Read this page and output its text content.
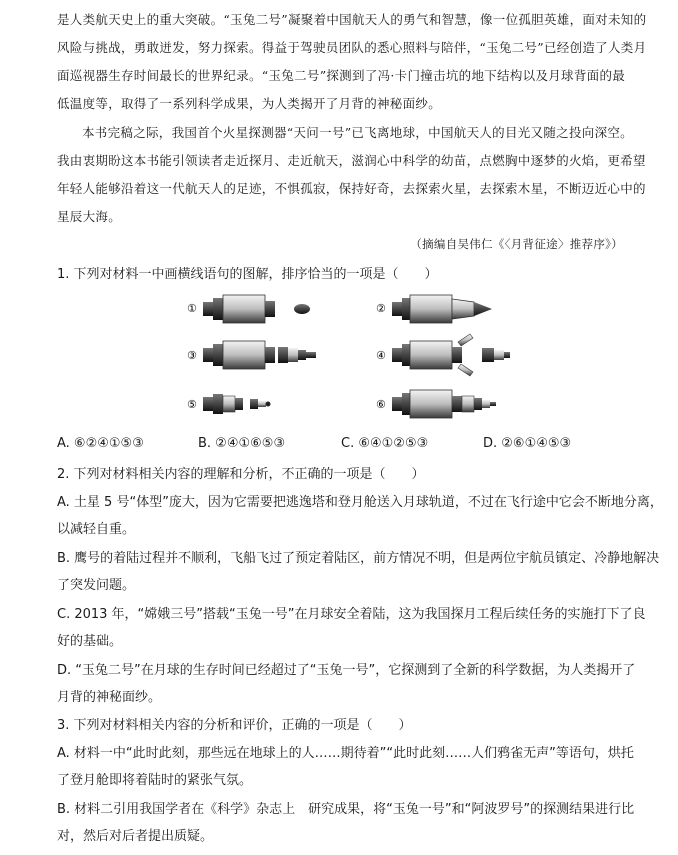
是人类航天史上的重大突破。“玉兔二号”凝聚着中国航天人的勇气和智慧，像一位孤胆英雄，面对未知的
风险与挑战，勇敢迸发，努力探索。得益于驾驶员团队的悉心照料与陪伴，“玉兔二号”已经创造了人类月
面巡视器生存时间最长的世界纪录。“玉兔二号”探测到了冯·卡门撞击坑的地下结构以及月球背面的最
低温度等，取得了一系列科学成果，为人类揭开了月背的神秘面纱。
本书完稿之际，我国首个火星探测器“天问一号”已飞离地球，中国航天人的目光又随之投向深空。
我由衷期盼这本书能引领读者走近探月、走近航天，滋润心中科学的幼苗，点燃胸中逐梦的火焰，更希望
年轻人能够沿着这一代航天人的足迹，不惧孤寂，保持好奇，去探索火星，去探索木星，不断迈近心中的
星辰大海。
（摘编自吴伟仁《〈月背征途〉推荐序》）
1. 下列对材料一中画横线语句的图解，排序恰当的一项是（　　）
①	②
③	④
⑤	⑥
A. ⑥②④①⑤③	B. ②④①⑥⑤③	C. ⑥④①②⑤③	D. ②⑥①④⑤③
2. 下列对材料相关内容的理解和分析，不正确的一项是（　　）
A. 土星 5 号“体型”庞大，因为它需要把逃逸塔和登月舱送入月球轨道，不过在飞行途中它会不断地分离，
以减轻自重。
B. 鹰号的着陆过程并不顺利，飞船飞过了预定着陆区，前方情况不明，但是两位宇航员镇定、冷静地解决
了突发问题。
C. 2013 年，“嫦娥三号”搭载“玉兔一号”在月球安全着陆，这为我国探月工程后续任务的实施打下了良
好的基础。
D. “玉兔二号”在月球的生存时间已经超过了“玉兔一号”，它探测到了全新的科学数据，为人类揭开了
月背的神秘面纱。
3. 下列对材料相关内容的分析和评价，正确的一项是（　　）
A. 材料一中“此时此刻，那些远在地球上的人……期待着”“此时此刻……人们鸦雀无声”等语句，烘托
了登月舱即将着陆时的紧张气氛。
B. 材料二引用我国学者在《科学》杂志上　研究成果，将“玉兔一号”和“阿波罗号”的探测结果进行比
对，然后对后者提出质疑。
